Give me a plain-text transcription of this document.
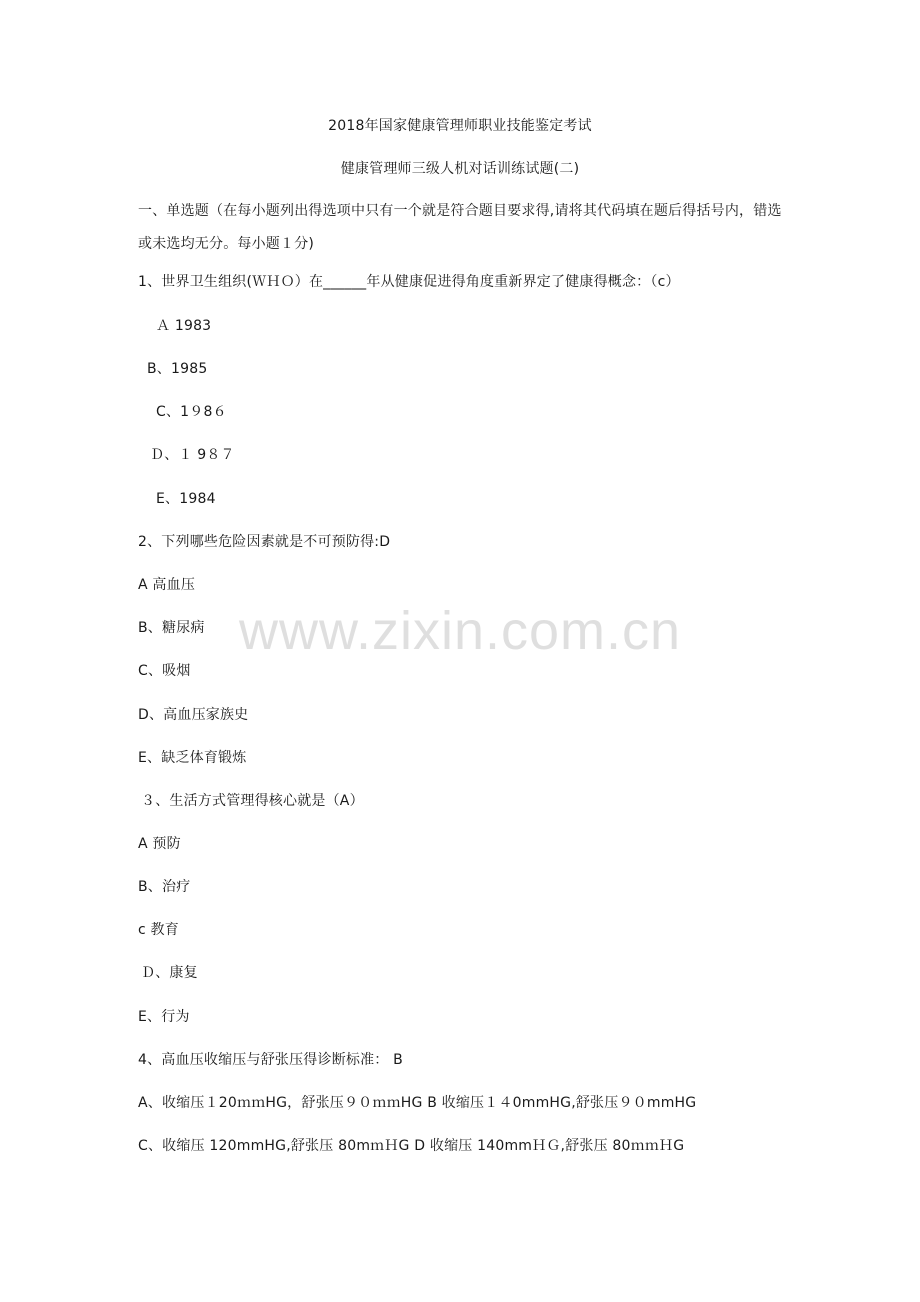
www.zixin.com.cn
2018年国家健康管理师职业技能鉴定考试
健康管理师三级人机对话训练试题(二)
一、单选题（在每小题列出得选项中只有一个就是符合题目要求得,请将其代码填在题后得括号内，错选或未选均无分。每小题１分)
1、世界卫生组织(ＷＨＯ）在______年从健康促进得角度重新界定了健康得概念：（c）
Ａ 1983
B、1985
C、1９8６
Ｄ、１ 9８７
E、1984
2、下列哪些危险因素就是不可预防得:D
A 高血压
B、糖尿病
C、吸烟
D、高血压家族史
E、缺乏体育锻炼
３、生活方式管理得核心就是（A）
A 预防
B、治疗
c 教育
Ｄ、康复
E、行为
4、高血压收缩压与舒张压得诊断标准： B
A、收缩压１20ｍｍHG，舒张压９０ｍｍHG B 收缩压１４0mmHG,舒张压９０mmHG
C、收缩压 120mmHG,舒张压 80mｍＨG D 收缩压 140mmＨＧ,舒张压 80ｍｍＨG
